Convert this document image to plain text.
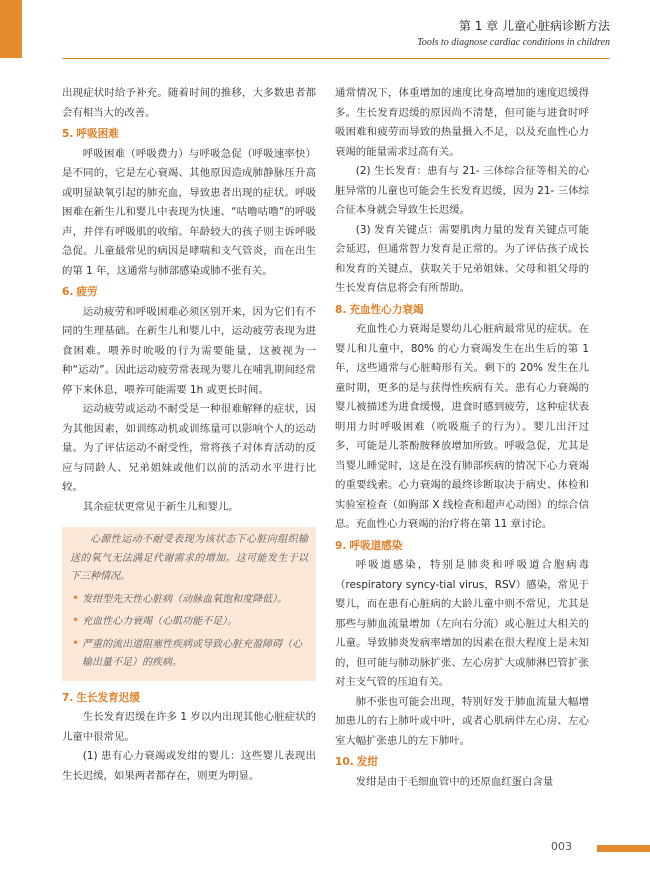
第 1 章 儿童心脏病诊断方法
Tools to diagnose cardiac conditions in children

出现症状时给予补充。随着时间的推移，大多数患者都会有相当大的改善。

5. 呼吸困难

呼吸困难（呼吸费力）与呼吸急促（呼吸速率快）是不同的，它是左心衰竭、其他原因造成肺静脉压升高或明显缺氧引起的肺充血，导致患者出现的症状。呼吸困难在新生儿和婴儿中表现为快速、“咕噜咕噜”的呼吸声，并伴有呼吸肌的收缩。年龄较大的孩子则主诉呼吸急促。儿童最常见的病因是哮喘和支气管炎，而在出生的第 1 年，这通常与肺部感染或肺不张有关。

6. 疲劳

运动疲劳和呼吸困难必须区别开来，因为它们有不同的生理基础。在新生儿和婴儿中，运动疲劳表现为进食困难。喂养时吮吸的行为需要能量，这被视为一种“运动”。因此运动疲劳常表现为婴儿在哺乳期间经常停下来休息，喂养可能需要 1h 或更长时间。

运动疲劳或运动不耐受是一种很难解释的症状，因为其他因素，如训练动机或训练量可以影响个人的运动量。为了评估运动不耐受性，常将孩子对体育活动的反应与同龄人、兄弟姐妹或他们以前的活动水平进行比较。

其余症状更常见于新生儿和婴儿。

心源性运动不耐受表现为该状态下心脏向组织输送的氧气无法满足代谢需求的增加。这可能发生于以下三种情况。

• 发绀型先天性心脏病（动脉血氧饱和度降低）。
• 充血性心力衰竭（心肌功能不足）。
• 严重的流出道阻塞性疾病或导致心脏充盈障碍（心输出量不足）的疾病。
7. 生长发育迟缓

生长发育迟缓在许多 1 岁以内出现其他心脏症状的儿童中很常见。

(1) 患有心力衰竭或发绀的婴儿：这些婴儿表现出生长迟缓，如果两者都存在，则更为明显。

通常情况下，体重增加的速度比身高增加的速度迟缓得多。生长发育迟缓的原因尚不清楚，但可能与进食时呼吸困难和疲劳而导致的热量摄入不足，以及充血性心力衰竭的能量需求过高有关。

(2) 生长发育：患有与 21- 三体综合征等相关的心脏异常的儿童也可能会生长发育迟缓，因为 21- 三体综合征本身就会导致生长迟缓。

(3) 发育关键点：需要肌肉力量的发育关键点可能会延迟，但通常智力发育是正常的。为了评估孩子成长和发育的关键点，获取关于兄弟姐妹、父母和祖父母的生长发育信息将会有所帮助。

8. 充血性心力衰竭

充血性心力衰竭是婴幼儿心脏病最常见的症状。在婴儿和儿童中，80% 的心力衰竭发生在出生后的第 1 年，这些通常与心脏畸形有关。剩下的 20% 发生在儿童时期，更多的是与获得性疾病有关。患有心力衰竭的婴儿被描述为进食缓慢，进食时感到疲劳，这种症状表明用力时呼吸困难（吮吸瓶子的行为）。婴儿出汗过多，可能是儿茶酚胺释放增加所致。呼吸急促，尤其是当婴儿睡觉时，这是在没有肺部疾病的情况下心力衰竭的重要线索。心力衰竭的最终诊断取决于病史、体检和实验室检查（如胸部 X 线检查和超声心动图）的综合信息。充血性心力衰竭的治疗将在第 11 章讨论。

9. 呼吸道感染

呼吸道感染，特别是肺炎和呼吸道合胞病毒（respiratory syncy-tial virus，RSV）感染，常见于婴儿，而在患有心脏病的大龄儿童中则不常见，尤其是那些与肺血流量增加（左向右分流）或心脏过大相关的儿童。导致肺炎发病率增加的因素在很大程度上是未知的，但可能与肺动脉扩张、左心房扩大或肺淋巴管扩张对主支气管的压迫有关。

肺不张也可能会出现，特别好发于肺血流量大幅增加患儿的右上肺叶或中叶，或者心肌病伴左心房、左心室大幅扩张患儿的左下肺叶。

10. 发绀

发绀是由于毛细血管中的还原血红蛋白含量

003
